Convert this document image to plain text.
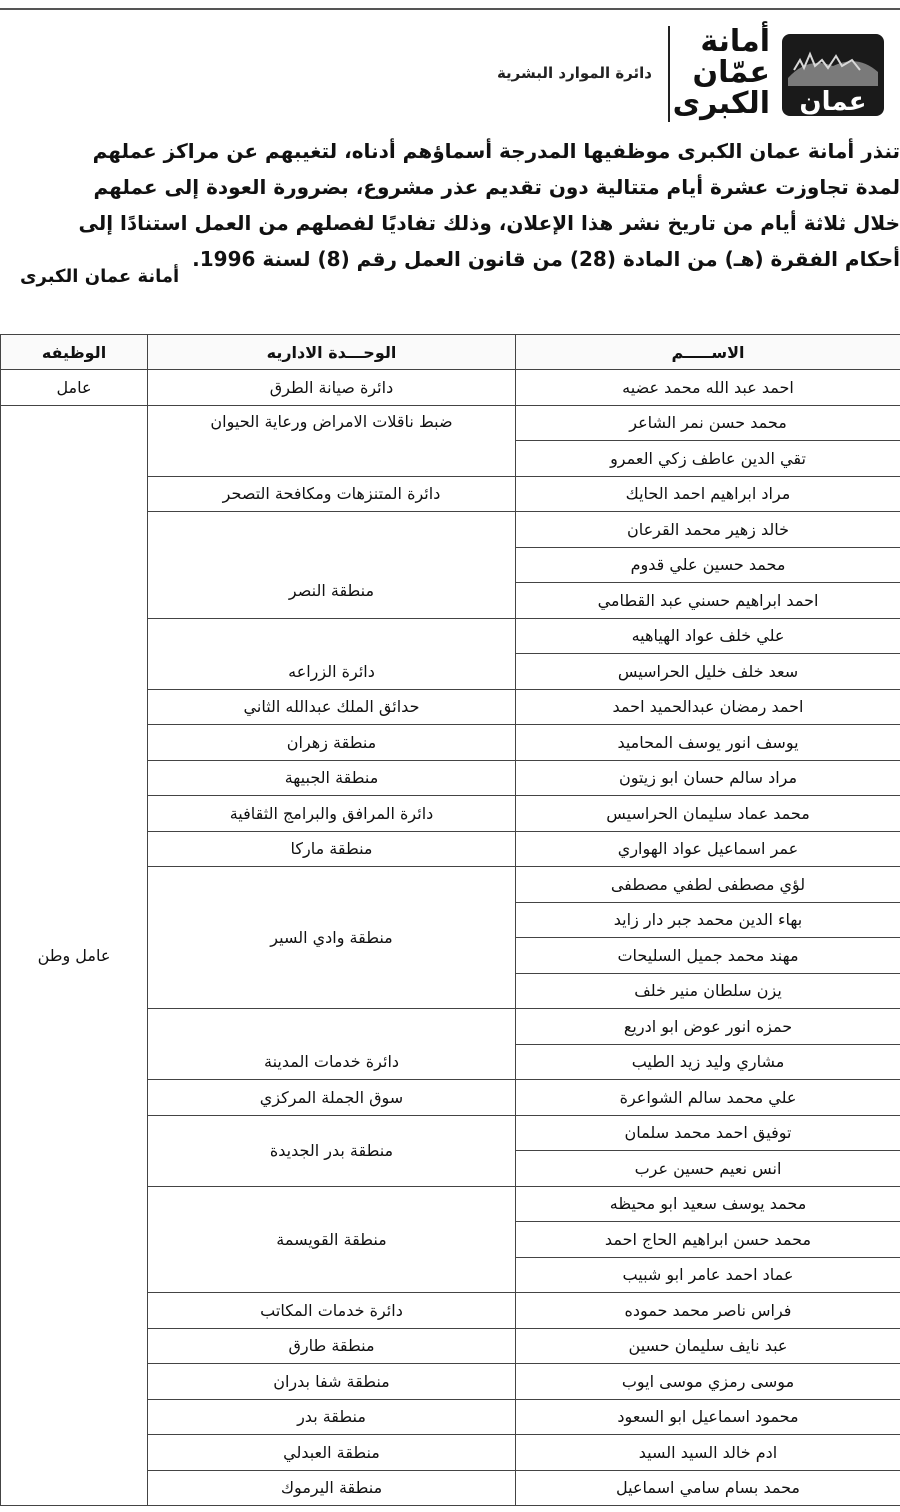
عمان
أمانة
عمّان
الكبرى
دائرة الموارد البشرية

تنذر أمانة عمان الكبرى موظفيها المدرجة أسماؤهم أدناه، لتغيبهم عن مراكز عملهم

لمدة تجاوزت عشرة أيام متتالية دون تقديم عذر مشروع، بضرورة العودة إلى عملهم

خلال ثلاثة أيام من تاريخ نشر هذا الإعلان، وذلك تفاديًا لفصلهم من العمل استنادًا إلى

أحكام الفقرة (هـ) من المادة (28) من قانون العمل رقم (8) لسنة 1996.

أمانة عمان الكبرى
الاســـــم	الوحـــدة الاداريه	الوظيفه
احمد عبد الله محمد عضيه	دائرة صيانة الطرق	عامل
محمد حسن نمر الشاعر	ضبط ناقلات الامراض ورعاية الحيوان	عامل وطن
تقي الدين عاطف زكي العمرو		
مراد ابراهيم احمد الحايك	دائرة المتنزهات ومكافحة التصحر	
خالد زهير محمد القرعان	منطقة النصر	
محمد حسين علي قدوم		
احمد ابراهيم حسني عبد القطامي		
علي خلف عواد الهياهيه	دائرة الزراعه	
سعد خلف خليل الحراسيس		
احمد رمضان عبدالحميد احمد	حدائق الملك عبدالله الثاني	
يوسف انور يوسف المحاميد	منطقة زهران	
مراد سالم حسان ابو زيتون	منطقة الجبيهة	
محمد عماد سليمان الحراسيس	دائرة المرافق والبرامج الثقافية	
عمر اسماعيل عواد الهواري	منطقة ماركا	
لؤي مصطفى لطفي مصطفى	منطقة وادي السير	
بهاء الدين محمد جبر دار زايد		
مهند محمد جميل السليحات		
يزن سلطان منير خلف		
حمزه انور عوض ابو ادريع	دائرة خدمات المدينة	
مشاري وليد زيد الطيب		
علي محمد سالم الشواعرة	سوق الجملة المركزي	
توفيق احمد محمد سلمان	منطقة بدر الجديدة	
انس نعيم حسين عرب		
محمد يوسف سعيد ابو محيظه	منطقة القويسمة	
محمد حسن ابراهيم الحاج احمد		
عماد احمد عامر ابو شبيب		
فراس ناصر محمد حموده	دائرة خدمات المكاتب	
عبد نايف سليمان حسين	منطقة طارق	
موسى رمزي موسى ايوب	منطقة شفا بدران	
محمود اسماعيل ابو السعود	منطقة بدر	
ادم خالد السيد السيد	منطقة العبدلي	
محمد بسام سامي اسماعيل	منطقة اليرموك	
